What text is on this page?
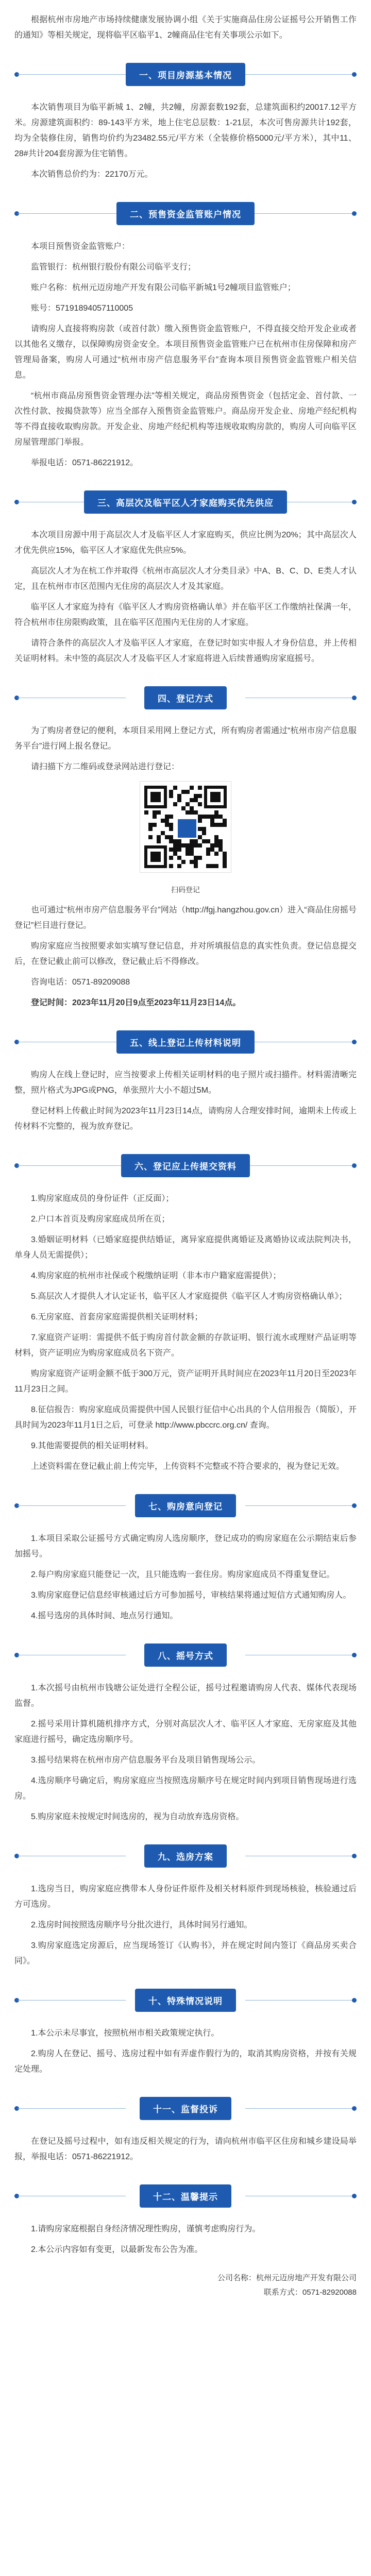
根据杭州市房地产市场持续健康发展协调小组《关于实施商品住房公证摇号公开销售工作的通知》等相关规定，现将临平区临平1、2幢商品住宅有关事项公示如下。

一、项目房源基本情况

本次销售项目为临平新城 1、2幢，共2幢，房源套数192套，总建筑面积约20017.12平方米。房源建筑面积约：89-143平方米，地上住宅总层数：1-21层，本次可售房源共计192套，均为全装修住房，销售均价约为23482.55元/平方米（全装修价格5000元/平方米），其中11、28#共计204套房源为住宅销售。

本次销售总价约为：22170万元。

二、预售资金监管账户情况

本项目预售资金监管账户：

监管银行：杭州银行股份有限公司临平支行；

账户名称：杭州元迈房地产开发有限公司临平新城1号2幢项目监管账户；

账号：57191894057110005

请购房人直接将购房款（或首付款）缴入预售资金监管账户，不得直接交给开发企业或者以其他名义缴存，以保障购房资金安全。本项目预售资金监管账户已在杭州市住房保障和房产管理局备案，购房人可通过“杭州市房产信息服务平台”查询本项目预售资金监管账户相关信息。

“杭州市商品房预售资金管理办法”等相关规定，商品房预售资金（包括定金、首付款、一次性付款、按揭贷款等）应当全部存入预售资金监管账户。商品房开发企业、房地产经纪机构等不得直接收取购房款。开发企业、房地产经纪机构等违规收取购房款的，购房人可向临平区房屋管理部门举报。

举报电话：0571-86221912。

三、高层次及临平区人才家庭购买优先供应

本次项目房源中用于高层次人才及临平区人才家庭购买，供应比例为20%；其中高层次人才优先供应15%，临平区人才家庭优先供应5%。

高层次人才为在杭工作并取得《杭州市高层次人才分类目录》中A、B、C、D、E类人才认定，且在杭州市市区范围内无住房的高层次人才及其家庭。

临平区人才家庭为持有《临平区人才购房资格确认单》并在临平区工作缴纳社保满一年，符合杭州市住房限购政策，且在临平区范围内无住房的人才家庭。

请符合条件的高层次人才及临平区人才家庭，在登记时如实申报人才身份信息，并上传相关证明材料。未中签的高层次人才及临平区人才家庭将进入后续普通购房家庭摇号。

四、登记方式

为了购房者登记的便利，本项目采用网上登记方式，所有购房者需通过“杭州市房产信息服务平台”进行网上报名登记。

请扫描下方二维码或登录网站进行登记：

扫码登记

也可通过“杭州市房产信息服务平台”网站（http://fgj.hangzhou.gov.cn）进入“商品住房摇号登记”栏目进行登记。

购房家庭应当按照要求如实填写登记信息，并对所填报信息的真实性负责。登记信息提交后，在登记截止前可以修改，登记截止后不得修改。

咨询电话：0571-89209088

登记时间：2023年11月20日9点至2023年11月23日14点。

五、线上登记上传材料说明

购房人在线上登记时，应当按要求上传相关证明材料的电子照片或扫描件。材料需清晰完整，照片格式为JPG或PNG，单张照片大小不超过5M。

登记材料上传截止时间为2023年11月23日14点，请购房人合理安排时间，逾期未上传或上传材料不完整的，视为放弃登记。

六、登记应上传提交资料

1.购房家庭成员的身份证件（正反面）；

2.户口本首页及购房家庭成员所在页；

3.婚姻证明材料（已婚家庭提供结婚证，离异家庭提供离婚证及离婚协议或法院判决书，单身人员无需提供）；

4.购房家庭的杭州市社保或个税缴纳证明（非本市户籍家庭需提供）；

5.高层次人才提供人才认定证书，临平区人才家庭提供《临平区人才购房资格确认单》；

6.无房家庭、首套房家庭需提供相关证明材料；

7.家庭资产证明：需提供不低于购房首付款金额的存款证明、银行流水或理财产品证明等材料，资产证明应为购房家庭成员名下资产。

购房家庭资产证明金额不低于300万元，资产证明开具时间应在2023年11月20日至2023年11月23日之间。

8.征信报告：购房家庭成员需提供中国人民银行征信中心出具的个人信用报告（简版），开具时间为2023年11月1日之后，可登录 http://www.pbccrc.org.cn/ 查询。

9.其他需要提供的相关证明材料。

上述资料需在登记截止前上传完毕，上传资料不完整或不符合要求的，视为登记无效。

七、购房意向登记

1.本项目采取公证摇号方式确定购房人选房顺序，登记成功的购房家庭在公示期结束后参加摇号。

2.每户购房家庭只能登记一次，且只能选购一套住房。购房家庭成员不得重复登记。

3.购房家庭登记信息经审核通过后方可参加摇号，审核结果将通过短信方式通知购房人。

4.摇号选房的具体时间、地点另行通知。

八、摇号方式

1.本次摇号由杭州市钱塘公证处进行全程公证，摇号过程邀请购房人代表、媒体代表现场监督。

2.摇号采用计算机随机排序方式，分别对高层次人才、临平区人才家庭、无房家庭及其他家庭进行摇号，确定选房顺序号。

3.摇号结果将在杭州市房产信息服务平台及项目销售现场公示。

4.选房顺序号确定后，购房家庭应当按照选房顺序号在规定时间内到项目销售现场进行选房。

5.购房家庭未按规定时间选房的，视为自动放弃选房资格。

九、选房方案

1.选房当日，购房家庭应携带本人身份证件原件及相关材料原件到现场核验，核验通过后方可选房。

2.选房时间按照选房顺序号分批次进行，具体时间另行通知。

3.购房家庭选定房源后，应当现场签订《认购书》，并在规定时间内签订《商品房买卖合同》。

十、特殊情况说明

1.本公示未尽事宜，按照杭州市相关政策规定执行。

2.购房人在登记、摇号、选房过程中如有弄虚作假行为的，取消其购房资格，并按有关规定处理。

十一、监督投诉

在登记及摇号过程中，如有违反相关规定的行为，请向杭州市临平区住房和城乡建设局举报，举报电话：0571-86221912。

十二、温馨提示

1.请购房家庭根据自身经济情况理性购房，谨慎考虑购房行为。

2.本公示内容如有变更，以最新发布公告为准。

公司名称：杭州元迈房地产开发有限公司
联系方式：0571-82920088
